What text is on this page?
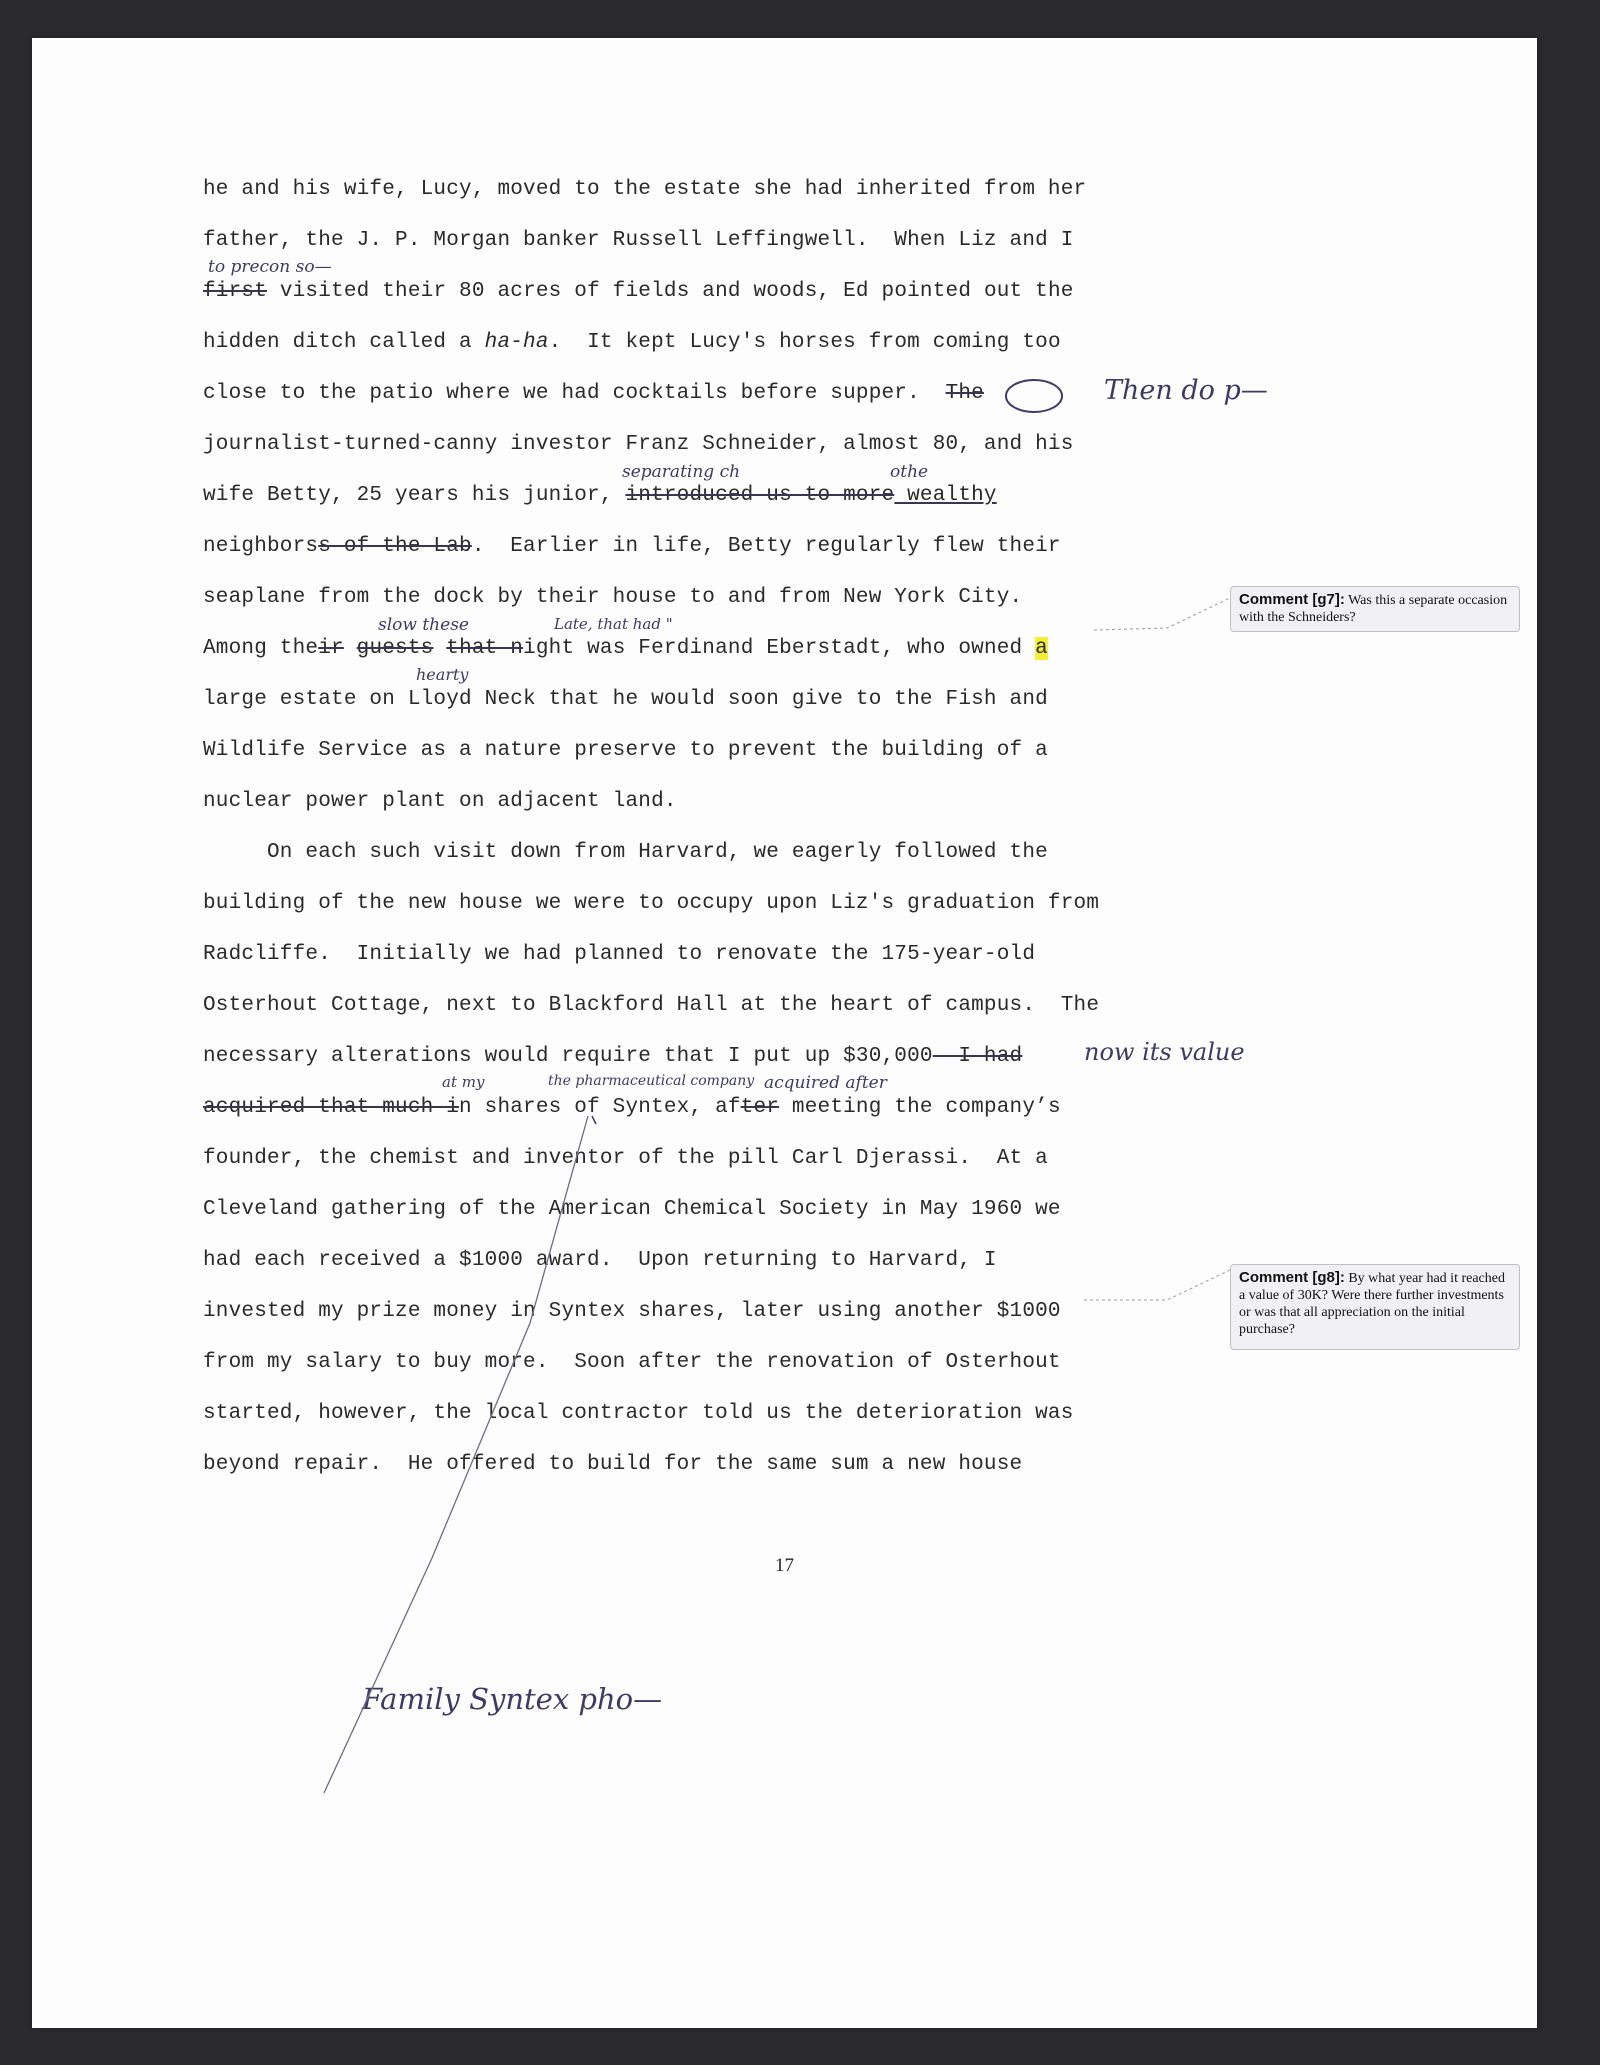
he and his wife, Lucy, moved to the estate she had inherited from her
father, the J. P. Morgan banker Russell Leffingwell.  When Liz and I
first visited their 80 acres of fields and woods, Ed pointed out the
hidden ditch called a ha-ha.  It kept Lucy's horses from coming too
close to the patio where we had cocktails before supper.  The
journalist-turned-canny investor Franz Schneider, almost 80, and his
wife Betty, 25 years his junior, introduced us to more wealthy
neighborss of the Lab.  Earlier in life, Betty regularly flew their
seaplane from the dock by their house to and from New York City.
Among their guests that night was Ferdinand Eberstadt, who owned a
large estate on Lloyd Neck that he would soon give to the Fish and
Wildlife Service as a nature preserve to prevent the building of a
nuclear power plant on adjacent land.
On each such visit down from Harvard, we eagerly followed the
building of the new house we were to occupy upon Liz's graduation from
Radcliffe.  Initially we had planned to renovate the 175-year-old
Osterhout Cottage, next to Blackford Hall at the heart of campus.  The
necessary alterations would require that I put up $30,000  I had
acquired that much in shares of Syntex, after meeting the company’s
founder, the chemist and inventor of the pill Carl Djerassi.  At a
Cleveland gathering of the American Chemical Society in May 1960 we
had each received a $1000 award.  Upon returning to Harvard, I
invested my prize money in Syntex shares, later using another $1000
from my salary to buy more.  Soon after the renovation of Osterhout
started, however, the local contractor told us the deterioration was
beyond repair.  He offered to build for the same sum a new house
to precon so—
Then do p—
separating ch	othe
slow these	Late, that had "
hearty
now its value
at my	the pharmaceutical company acquired after
Family Syntex pho—
Comment [g7]: Was this a separate occasion with the Schneiders?
Comment [g8]: By what year had it reached a value of 30K? Were there further investments or was that all appreciation on the initial purchase?
17
